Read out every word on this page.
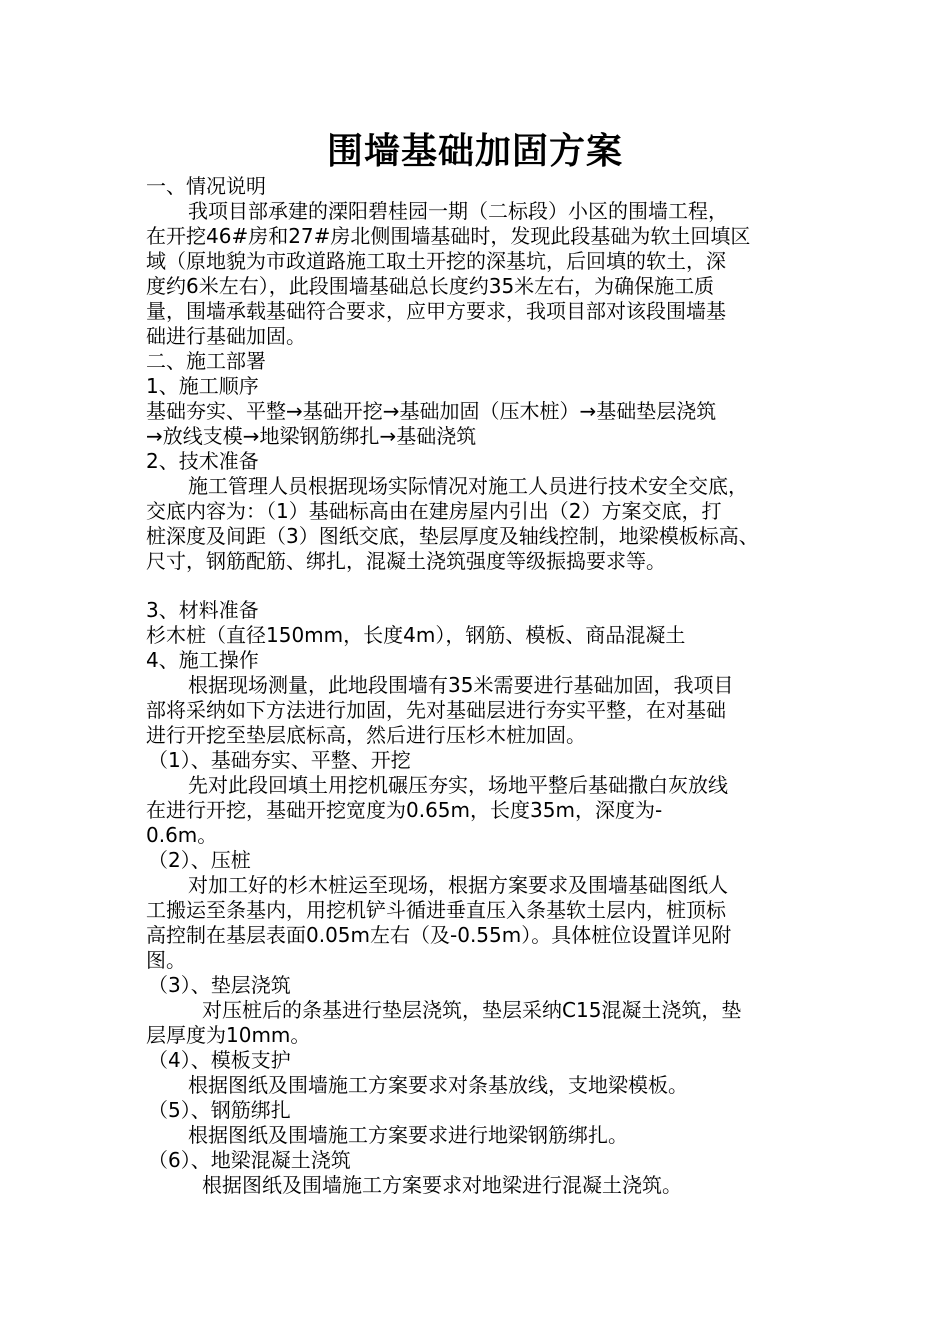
围墙基础加固方案
一、情况说明
我项目部承建的溧阳碧桂园一期（二标段）小区的围墙工程，
在开挖46#房和27#房北侧围墙基础时，发现此段基础为软土回填区
域（原地貌为市政道路施工取土开挖的深基坑，后回填的软土，深
度约6米左右），此段围墙基础总长度约35米左右，为确保施工质
量，围墙承载基础符合要求，应甲方要求，我项目部对该段围墙基
础进行基础加固。
二、施工部署
1、施工顺序
基础夯实、平整→基础开挖→基础加固（压木桩）→基础垫层浇筑
→放线支模→地梁钢筋绑扎→基础浇筑
2、技术准备
施工管理人员根据现场实际情况对施工人员进行技术安全交底，
交底内容为：（1）基础标高由在建房屋内引出（2）方案交底，打
桩深度及间距（3）图纸交底，垫层厚度及轴线控制，地梁模板标高、
尺寸，钢筋配筋、绑扎，混凝土浇筑强度等级振捣要求等。
3、材料准备
杉木桩（直径150mm，长度4m），钢筋、模板、商品混凝土
4、施工操作
根据现场测量，此地段围墙有35米需要进行基础加固，我项目
部将采纳如下方法进行加固，先对基础层进行夯实平整，在对基础
进行开挖至垫层底标高，然后进行压杉木桩加固。
（1）、基础夯实、平整、开挖
先对此段回填土用挖机碾压夯实，场地平整后基础撒白灰放线
在进行开挖，基础开挖宽度为0.65m，长度35m，深度为-
0.6m。
（2）、压桩
对加工好的杉木桩运至现场，根据方案要求及围墙基础图纸人
工搬运至条基内，用挖机铲斗循进垂直压入条基软土层内，桩顶标
高控制在基层表面0.05m左右（及-0.55m）。具体桩位设置详见附
图。
（3）、垫层浇筑
对压桩后的条基进行垫层浇筑，垫层采纳C15混凝土浇筑，垫
层厚度为10mm。
（4）、模板支护
根据图纸及围墙施工方案要求对条基放线，支地梁模板。
（5）、钢筋绑扎
根据图纸及围墙施工方案要求进行地梁钢筋绑扎。
（6）、地梁混凝土浇筑
根据图纸及围墙施工方案要求对地梁进行混凝土浇筑。
